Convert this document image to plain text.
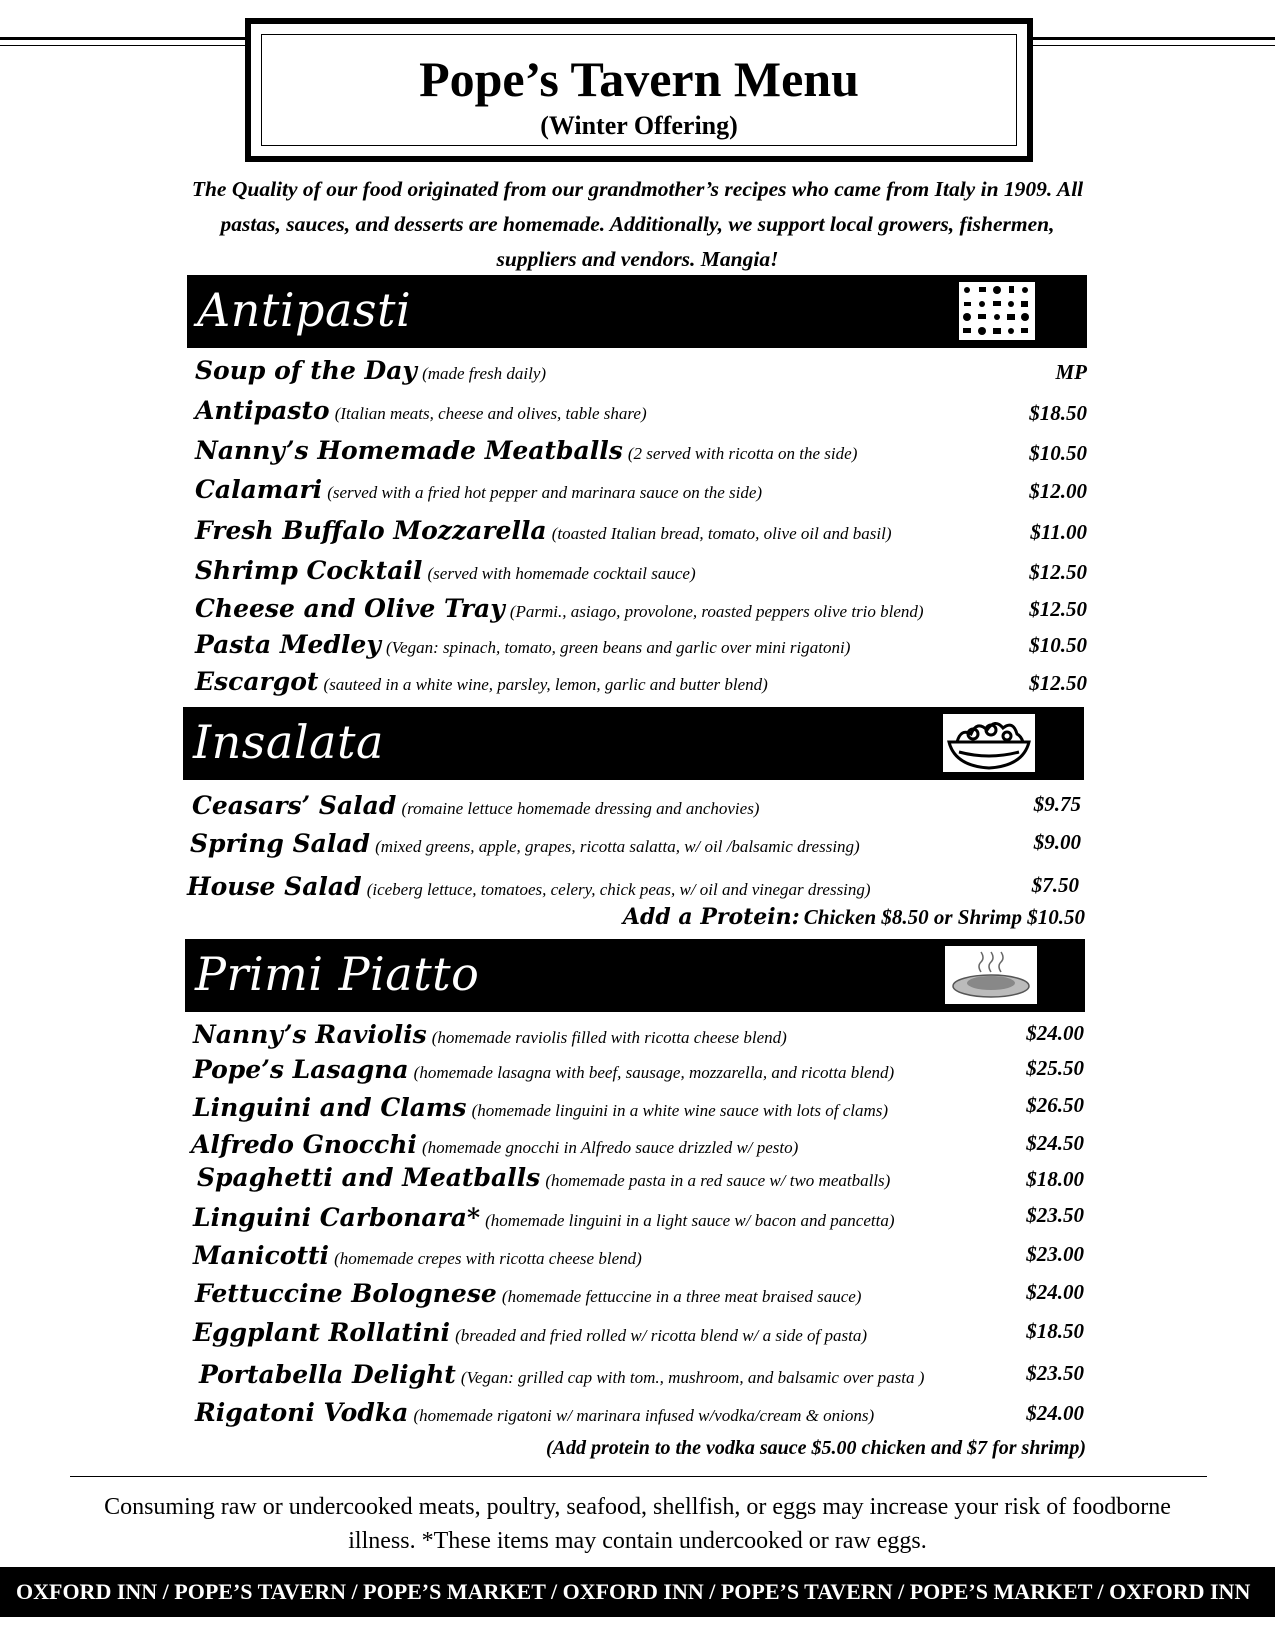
Pope’s Tavern Menu
(Winter Offering)
The Quality of our food originated from our grandmother’s recipes who came from Italy in 1909. All pastas, sauces, and desserts are homemade. Additionally, we support local growers, fishermen, suppliers and vendors. Mangia!
Antipasti
Soup of the Day (made fresh daily)	MP
Antipasto (Italian meats, cheese and olives, table share)	$18.50
Nanny’s Homemade Meatballs (2 served with ricotta on the side)	$10.50
Calamari (served with a fried hot pepper and marinara sauce on the side)	$12.00
Fresh Buffalo Mozzarella (toasted Italian bread, tomato, olive oil and basil)	$11.00
Shrimp Cocktail (served with homemade cocktail sauce)	$12.50
Cheese and Olive Tray (Parmi., asiago, provolone, roasted peppers olive trio blend)	$12.50
Pasta Medley (Vegan: spinach, tomato, green beans and garlic over mini rigatoni)	$10.50
Escargot (sauteed in a white wine, parsley, lemon, garlic and butter blend)	$12.50
Insalata
Ceasars’ Salad (romaine lettuce homemade dressing and anchovies)	$9.75
Spring Salad (mixed greens, apple, grapes, ricotta salatta, w/ oil /balsamic dressing)	$9.00
House Salad (iceberg lettuce, tomatoes, celery, chick peas, w/ oil and vinegar dressing)	$7.50
Add a Protein: Chicken $8.50 or Shrimp $10.50
Primi Piatto
Nanny’s Raviolis (homemade raviolis filled with ricotta cheese blend)	$24.00
Pope’s Lasagna (homemade lasagna with beef, sausage, mozzarella, and ricotta blend)	$25.50
Linguini and Clams (homemade linguini in a white wine sauce with lots of clams)	$26.50
Alfredo Gnocchi (homemade gnocchi in Alfredo sauce drizzled w/ pesto)	$24.50
Spaghetti and Meatballs (homemade pasta in a red sauce w/ two meatballs)	$18.00
Linguini Carbonara* (homemade linguini in a light sauce w/ bacon and pancetta)	$23.50
Manicotti (homemade crepes with ricotta cheese blend)	$23.00
Fettuccine Bolognese (homemade fettuccine in a three meat braised sauce)	$24.00
Eggplant Rollatini (breaded and fried rolled w/ ricotta blend w/ a side of pasta)	$18.50
Portabella Delight (Vegan: grilled cap with tom., mushroom, and balsamic over pasta )	$23.50
Rigatoni Vodka (homemade rigatoni w/ marinara infused w/vodka/cream & onions)	$24.00
(Add protein to the vodka sauce $5.00 chicken and $7 for shrimp)
Consuming raw or undercooked meats, poultry, seafood, shellfish, or eggs may increase your risk of foodborne illness. *These items may contain undercooked or raw eggs.
OXFORD INN / POPE’S TAVERN / POPE’S MARKET / OXFORD INN / POPE’S TAVERN / POPE’S MARKET / OXFORD INN
